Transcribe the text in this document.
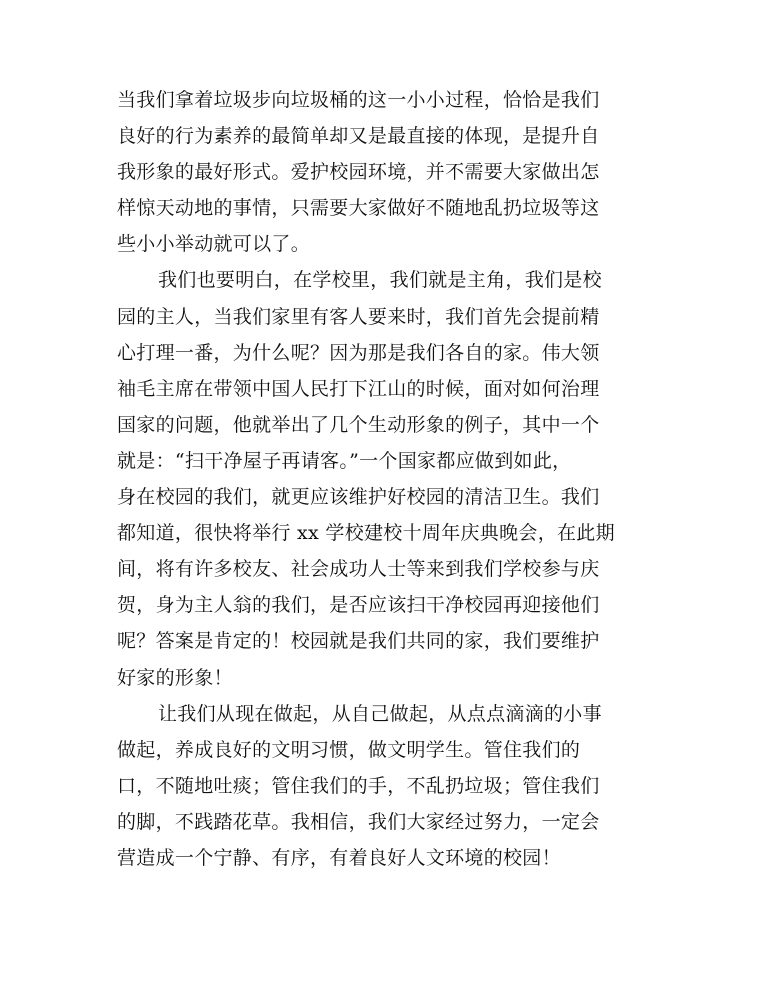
当我们拿着垃圾步向垃圾桶的这一小小过程，恰恰是我们
良好的行为素养的最简单却又是最直接的体现，是提升自
我形象的最好形式。爱护校园环境，并不需要大家做出怎
样惊天动地的事情，只需要大家做好不随地乱扔垃圾等这
些小小举动就可以了。
我们也要明白，在学校里，我们就是主角，我们是校
园的主人，当我们家里有客人要来时，我们首先会提前精
心打理一番，为什么呢？因为那是我们各自的家。伟大领
袖毛主席在带领中国人民打下江山的时候，面对如何治理
国家的问题，他就举出了几个生动形象的例子，其中一个
就是：“扫干净屋子再请客。”一个国家都应做到如此，
身在校园的我们，就更应该维护好校园的清洁卫生。我们
都知道，很快将举行 xx 学校建校十周年庆典晚会，在此期
间，将有许多校友、社会成功人士等来到我们学校参与庆
贺，身为主人翁的我们，是否应该扫干净校园再迎接他们
呢？答案是肯定的！校园就是我们共同的家，我们要维护
好家的形象！
让我们从现在做起，从自己做起，从点点滴滴的小事
做起，养成良好的文明习惯，做文明学生。管住我们的
口，不随地吐痰；管住我们的手，不乱扔垃圾；管住我们
的脚，不践踏花草。我相信，我们大家经过努力，一定会
营造成一个宁静、有序，有着良好人文环境的校园！
